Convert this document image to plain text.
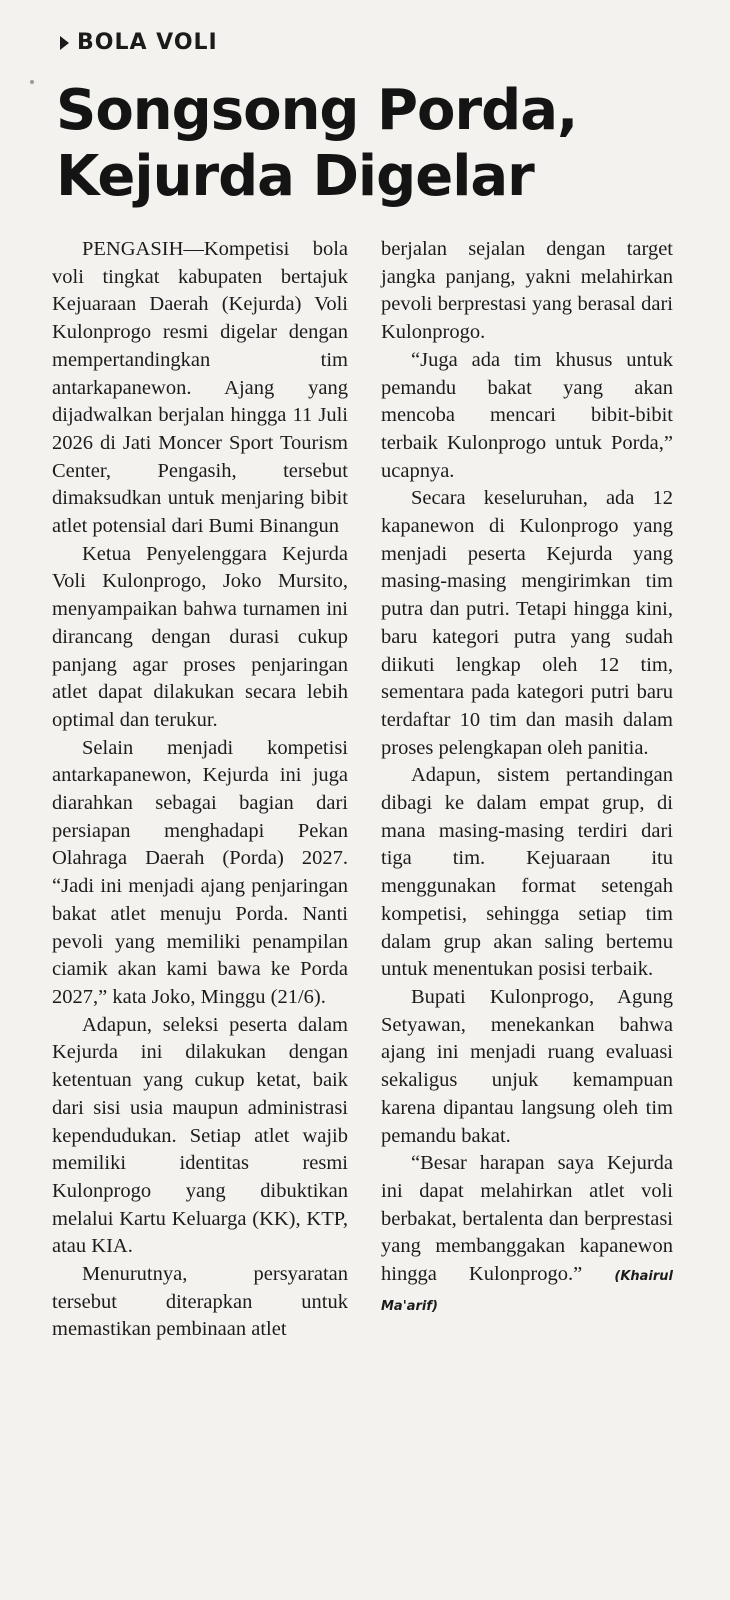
BOLA VOLI
Songsong Porda,
Kejurda Digelar

PENGASIH—Kompetisi bola voli tingkat kabupaten bertajuk Kejuaraan Daerah (Kejurda) Voli Kulonprogo resmi digelar dengan mempertandingkan tim antarkapanewon. Ajang yang dijadwalkan berjalan hingga 11 Juli 2026 di Jati Moncer Sport Tourism Center, Pengasih, tersebut dimaksudkan untuk menjaring bibit atlet potensial dari Bumi Binangun

Ketua Penyelenggara Kejurda Voli Kulonprogo, Joko Mursito, menyampaikan bahwa turnamen ini dirancang dengan durasi cukup panjang agar proses penjaringan atlet dapat dilakukan secara lebih optimal dan terukur.

Selain menjadi kompetisi antarkapanewon, Kejurda ini juga diarahkan sebagai bagian dari persiapan menghadapi Pekan Olahraga Daerah (Porda) 2027. “Jadi ini menjadi ajang penjaringan bakat atlet menuju Porda. Nanti pevoli yang memiliki penampilan ciamik akan kami bawa ke Porda 2027,” kata Joko, Minggu (21/6).

Adapun, seleksi peserta dalam Kejurda ini dilakukan dengan ketentuan yang cukup ketat, baik dari sisi usia maupun administrasi kependudukan. Setiap atlet wajib memiliki identitas resmi Kulonprogo yang dibuktikan melalui Kartu Keluarga (KK), KTP, atau KIA.

Menurutnya, persyaratan tersebut diterapkan untuk memastikan pembinaan atlet

berjalan sejalan dengan target jangka panjang, yakni melahirkan pevoli berprestasi yang berasal dari Kulonprogo.

“Juga ada tim khusus untuk pemandu bakat yang akan mencoba mencari bibit-bibit terbaik Kulonprogo untuk Porda,” ucapnya.

Secara keseluruhan, ada 12 kapanewon di Kulonprogo yang menjadi peserta Kejurda yang masing-masing mengirimkan tim putra dan putri. Tetapi hingga kini, baru kategori putra yang sudah diikuti lengkap oleh 12 tim, sementara pada kategori putri baru terdaftar 10 tim dan masih dalam proses pelengkapan oleh panitia.

Adapun, sistem pertandingan dibagi ke dalam empat grup, di mana masing-masing terdiri dari tiga tim. Kejuaraan itu menggunakan format setengah kompetisi, sehingga setiap tim dalam grup akan saling bertemu untuk menentukan posisi terbaik.

Bupati Kulonprogo, Agung Setyawan, menekankan bahwa ajang ini menjadi ruang evaluasi sekaligus unjuk kemampuan karena dipantau langsung oleh tim pemandu bakat.

“Besar harapan saya Kejurda ini dapat melahirkan atlet voli berbakat, bertalenta dan berprestasi yang membanggakan kapanewon hingga Kulonprogo.” (Khairul Ma'arif)
